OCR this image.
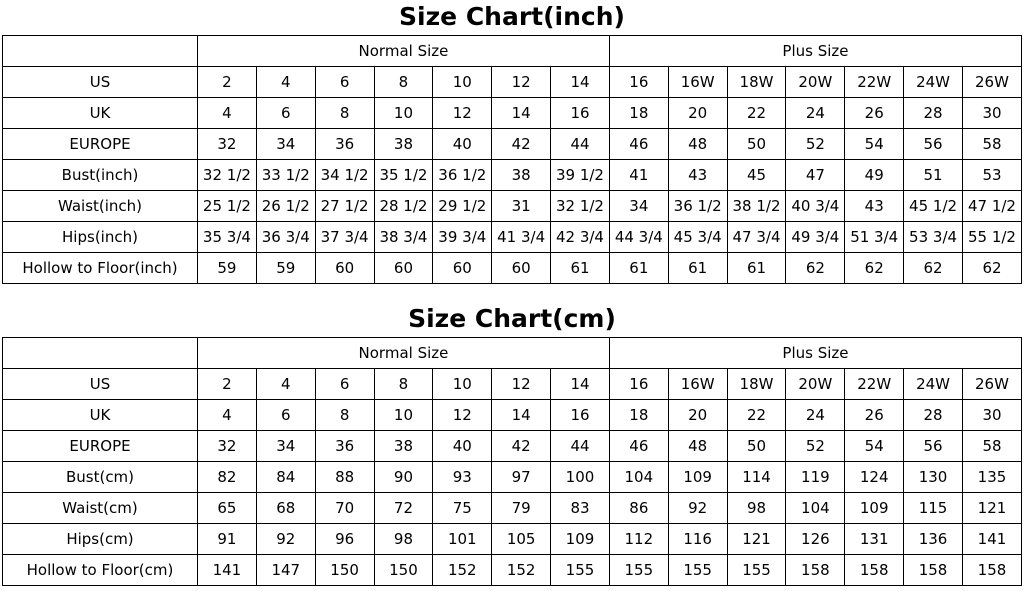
Size Chart(inch)
	Normal Size							Plus Size						
US	2	4	6	8	10	12	14	16	16W	18W	20W	22W	24W	26W
UK	4	6	8	10	12	14	16	18	20	22	24	26	28	30
EUROPE	32	34	36	38	40	42	44	46	48	50	52	54	56	58
Bust(inch)	32 1/2	33 1/2	34 1/2	35 1/2	36 1/2	38	39 1/2	41	43	45	47	49	51	53
Waist(inch)	25 1/2	26 1/2	27 1/2	28 1/2	29 1/2	31	32 1/2	34	36 1/2	38 1/2	40 3/4	43	45 1/2	47 1/2
Hips(inch)	35 3/4	36 3/4	37 3/4	38 3/4	39 3/4	41 3/4	42 3/4	44 3/4	45 3/4	47 3/4	49 3/4	51 3/4	53 3/4	55 1/2
Hollow to Floor(inch)	59	59	60	60	60	60	61	61	61	61	62	62	62	62
Size Chart(cm)
	Normal Size							Plus Size						
US	2	4	6	8	10	12	14	16	16W	18W	20W	22W	24W	26W
UK	4	6	8	10	12	14	16	18	20	22	24	26	28	30
EUROPE	32	34	36	38	40	42	44	46	48	50	52	54	56	58
Bust(cm)	82	84	88	90	93	97	100	104	109	114	119	124	130	135
Waist(cm)	65	68	70	72	75	79	83	86	92	98	104	109	115	121
Hips(cm)	91	92	96	98	101	105	109	112	116	121	126	131	136	141
Hollow to Floor(cm)	141	147	150	150	152	152	155	155	155	155	158	158	158	158
